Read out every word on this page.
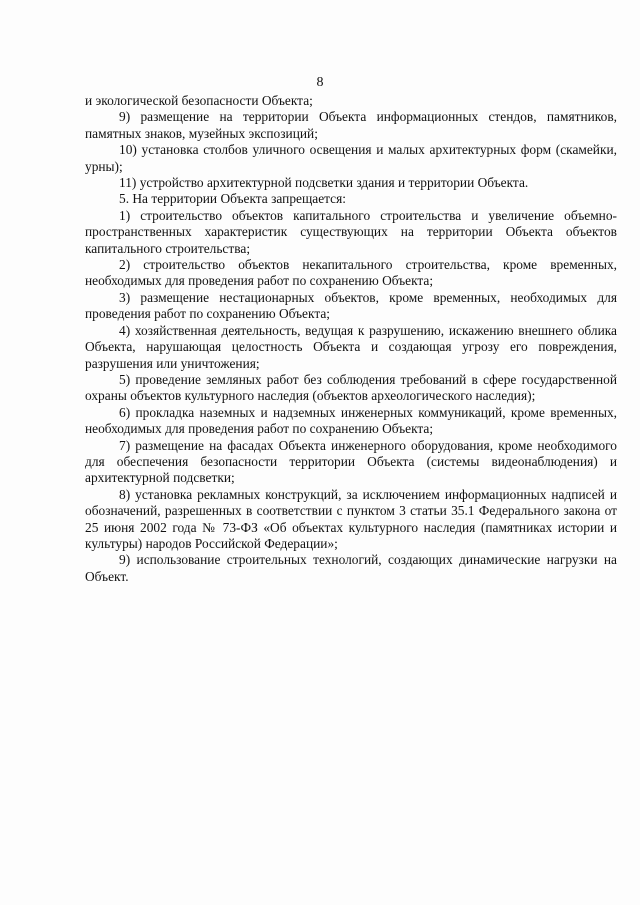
8

и экологической безопасности Объекта;

9) размещение на территории Объекта информационных стендов, памятников, памятных знаков, музейных экспозиций;

10) установка столбов уличного освещения и малых архитектурных форм (скамейки, урны);

11) устройство архитектурной подсветки здания и территории Объекта.

5. На территории Объекта запрещается:

1) строительство объектов капитального строительства и увеличение объемно-пространственных характеристик существующих на территории Объекта объектов капитального строительства;

2) строительство объектов некапитального строительства, кроме временных, необходимых для проведения работ по сохранению Объекта;

3) размещение нестационарных объектов, кроме временных, необходимых для проведения работ по сохранению Объекта;

4) хозяйственная деятельность, ведущая к разрушению, искажению внешнего облика Объекта, нарушающая целостность Объекта и создающая угрозу его повреждения, разрушения или уничтожения;

5) проведение земляных работ без соблюдения требований в сфере государственной охраны объектов культурного наследия (объектов археологического наследия);

6) прокладка наземных и надземных инженерных коммуникаций, кроме временных, необходимых для проведения работ по сохранению Объекта;

7) размещение на фасадах Объекта инженерного оборудования, кроме необходимого для обеспечения безопасности территории Объекта (системы видеонаблюдения) и архитектурной подсветки;

8) установка рекламных конструкций, за исключением информационных надписей и обозначений, разрешенных в соответствии с пунктом 3 статьи 35.1 Федерального закона от 25 июня 2002 года № 73-ФЗ «Об объектах культурного наследия (памятниках истории и культуры) народов Российской Федерации»;

9) использование строительных технологий, создающих динамические нагрузки на Объект.
